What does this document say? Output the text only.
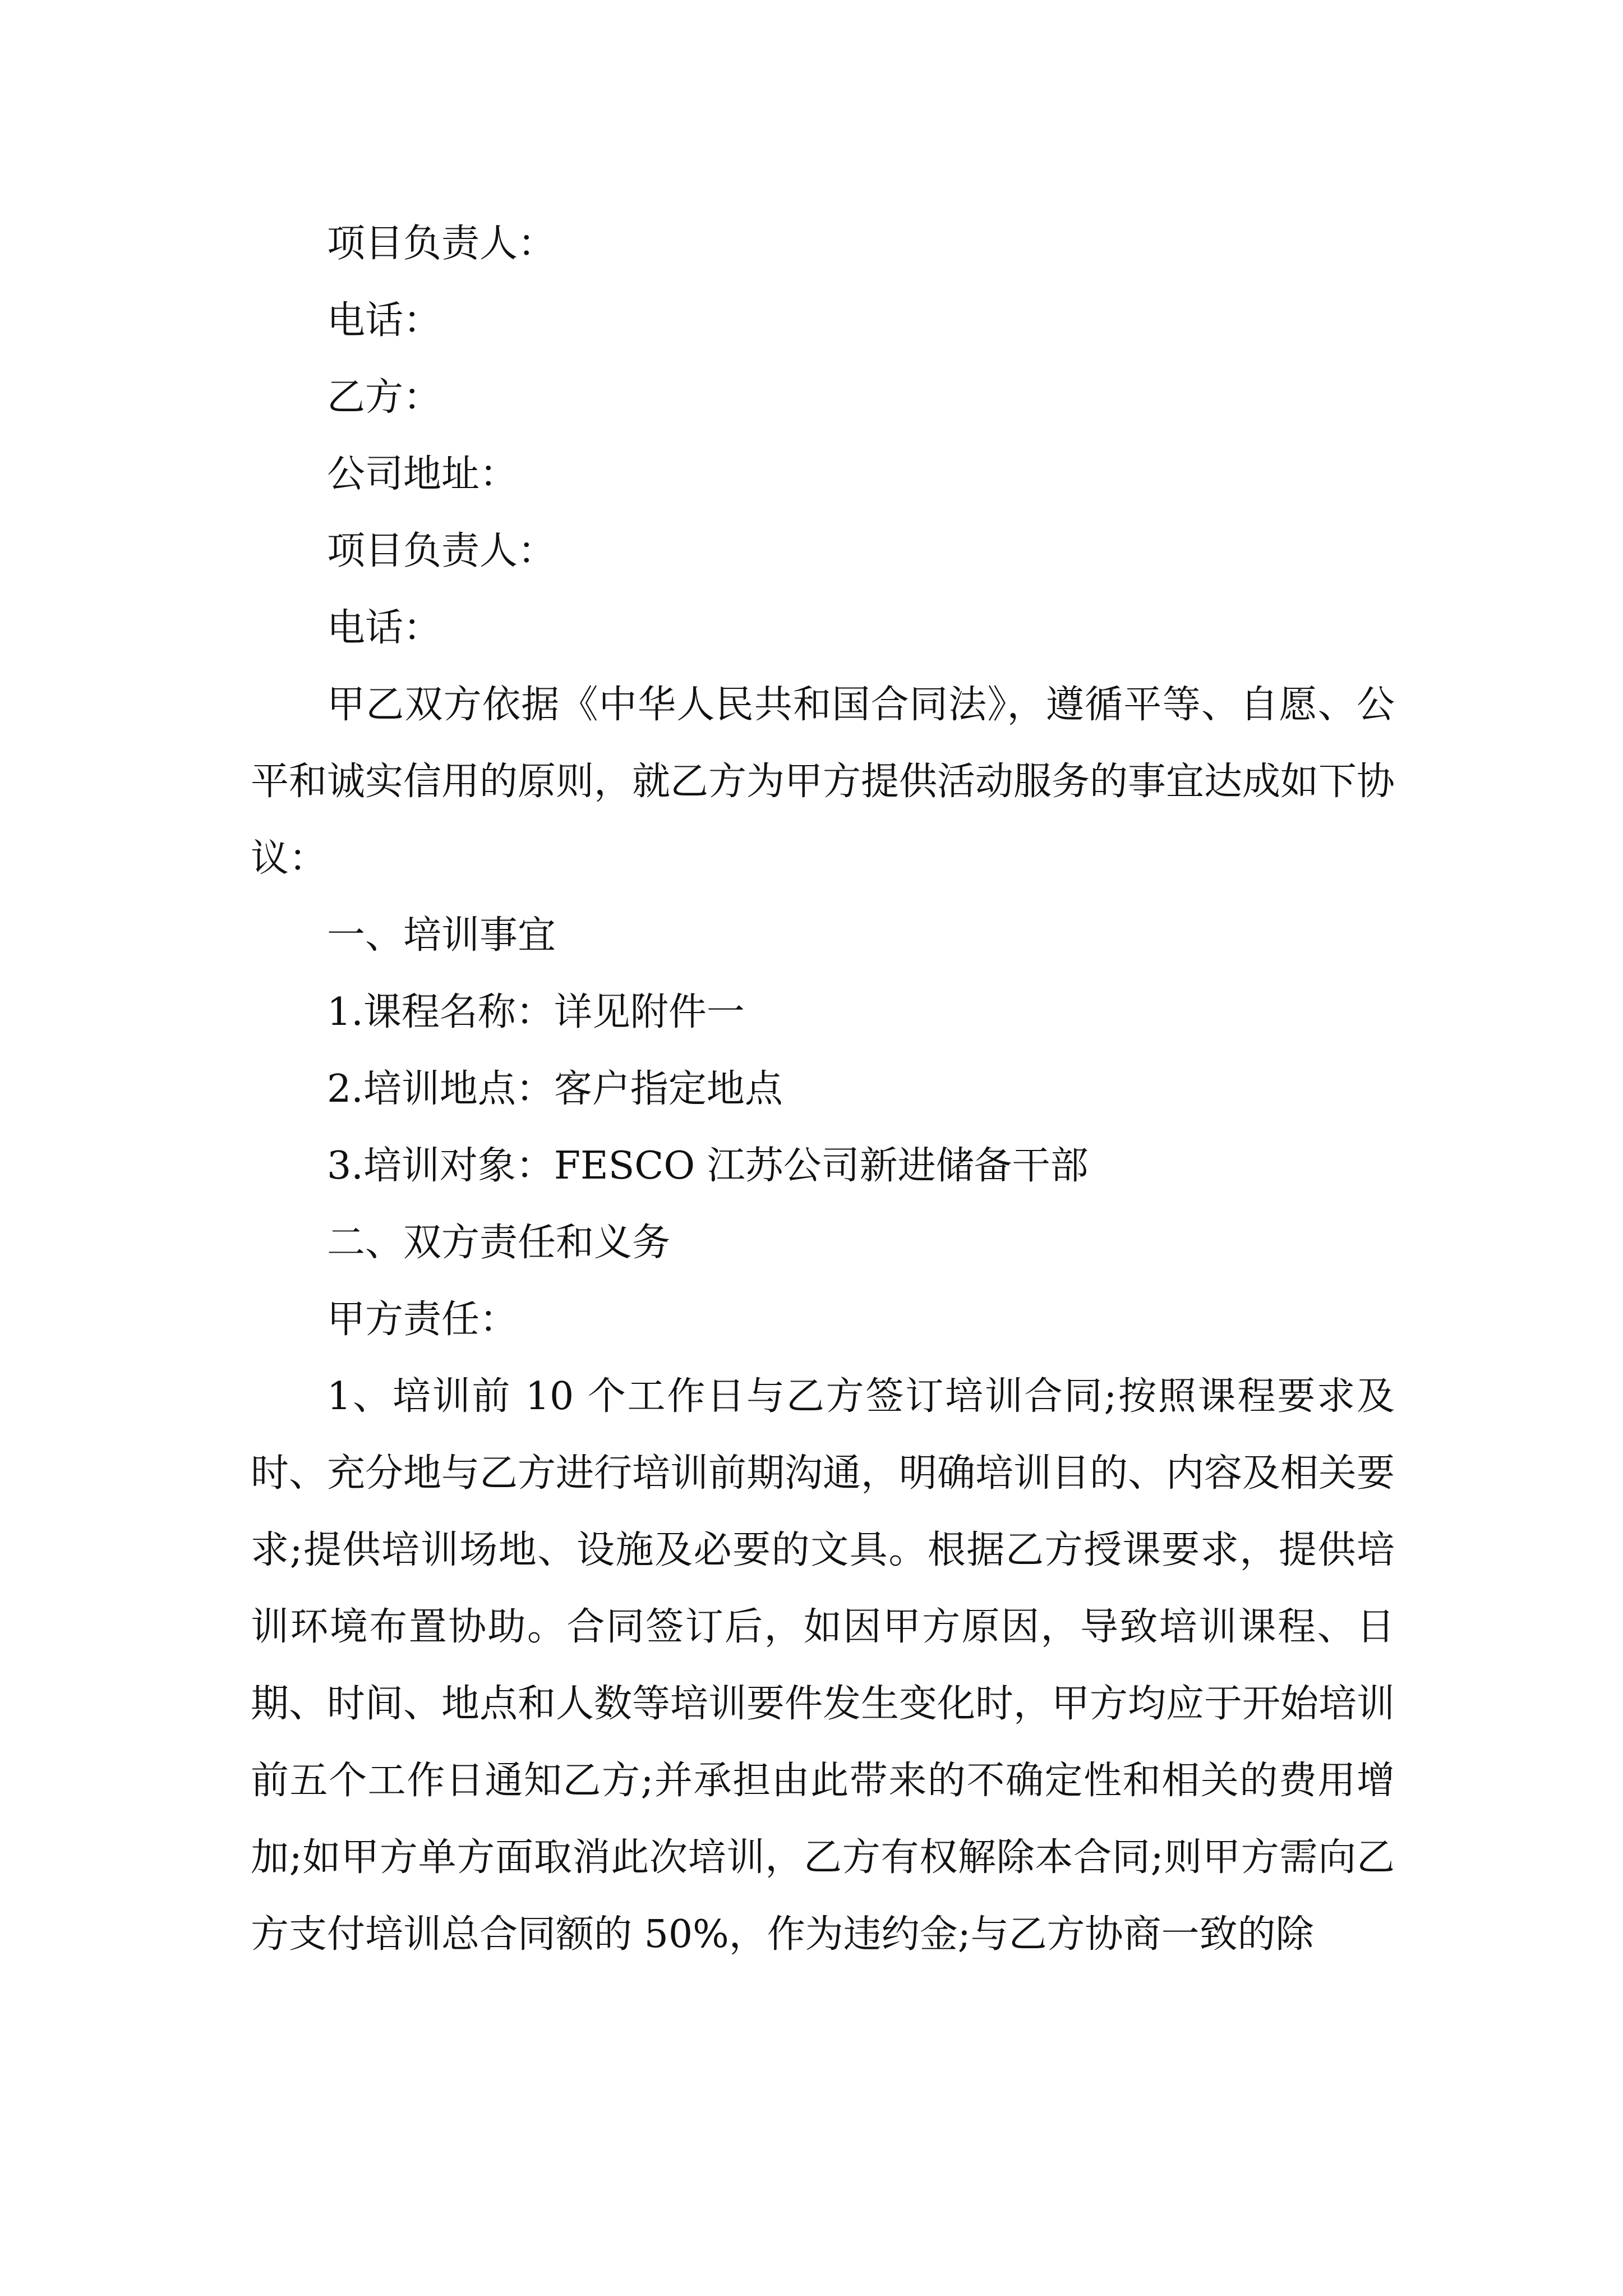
项目负责人：
电话：
乙方：
公司地址：
项目负责人：
电话：

甲乙双方依据《中华人民共和国合同法》，遵循平等、自愿、公平和诚实信用的原则，就乙方为甲方提供活动服务的事宜达成如下协议：

一、培训事宜
1.课程名称：详见附件一
2.培训地点：客户指定地点
3.培训对象：FESCO 江苏公司新进储备干部
二、双方责任和义务
甲方责任：

1、培训前 10 个工作日与乙方签订培训合同;按照课程要求及时、充分地与乙方进行培训前期沟通，明确培训目的、内容及相关要求;提供培训场地、设施及必要的文具。根据乙方授课要求，提供培训环境布置协助。合同签订后，如因甲方原因，导致培训课程、日期、时间、地点和人数等培训要件发生变化时，甲方均应于开始培训前五个工作日通知乙方;并承担由此带来的不确定性和相关的费用增加;如甲方单方面取消此次培训，乙方有权解除本合同;则甲方需向乙方支付培训总合同额的 50%，作为违约金;与乙方协商一致的除
